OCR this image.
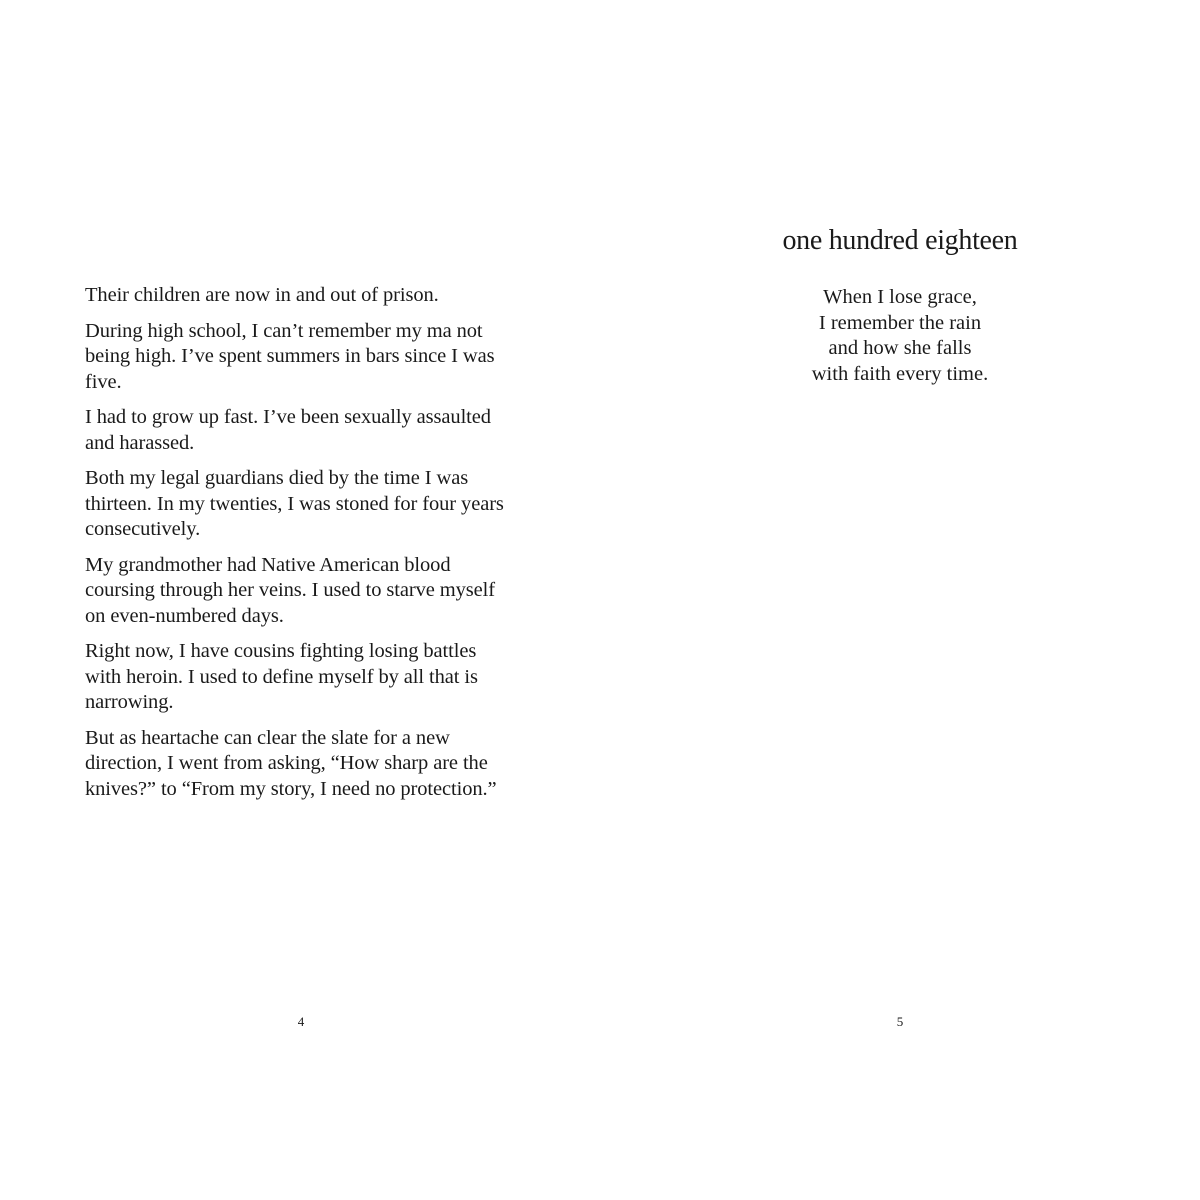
Their children are now in and out of prison.

During high school, I can’t remember my ma not being high. I’ve spent summers in bars since I was five.

I had to grow up fast. I’ve been sexually assaulted and harassed.

Both my legal guardians died by the time I was thirteen. In my twenties, I was stoned for four years consecutively.

My grandmother had Native American blood coursing through her veins. I used to starve myself on even-numbered days.

Right now, I have cousins fighting losing battles with heroin. I used to define myself by all that is narrowing.

But as heartache can clear the slate for a new direction, I went from asking, “How sharp are the knives?” to “From my story, I need no protection.”

4
one hundred eighteen
When I lose grace,
I remember the rain
and how she falls
with faith every time.
5
